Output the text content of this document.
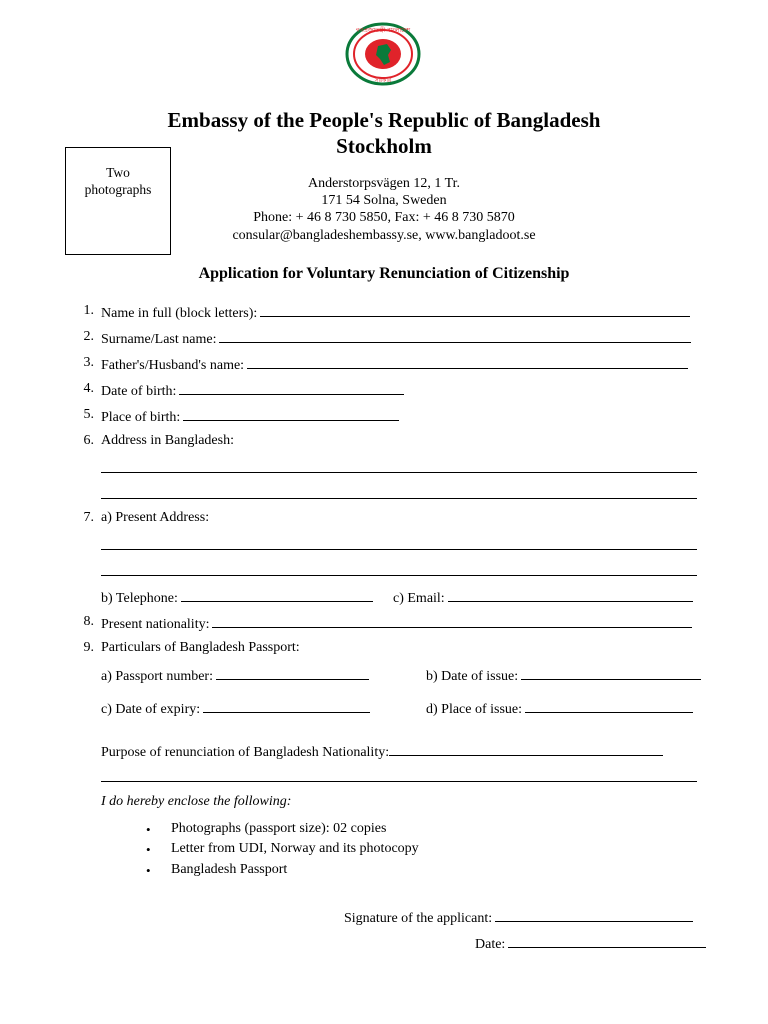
গণপ্রজাতন্ত্রী বাংলাদেশ
সরকার
Embassy of the People's Republic of Bangladesh
Stockholm
Two
photographs	Anderstorpsvägen 12, 1 Tr.
171 54 Solna, Sweden
Phone: + 46 8 730 5850, Fax: + 46 8 730 5870
consular@bangladeshembassy.se, www.bangladoot.se
Application for Voluntary Renunciation of Citizenship
1. Name in full (block letters):
2. Surname/Last name:
3. Father's/Husband's name:
4. Date of birth:
5. Place of birth:
6. Address in Bangladesh:
7. a) Present Address:
b) Telephone:	c) Email:
8. Present nationality:
9. Particulars of Bangladesh Passport:
a) Passport number:	b) Date of issue:
c) Date of expiry:	d) Place of issue:
Purpose of renunciation of Bangladesh Nationality:
I do hereby enclose the following:
• Photographs (passport size): 02 copies
• Letter from UDI, Norway and its photocopy
• Bangladesh Passport
Signature of the applicant:
Date:
